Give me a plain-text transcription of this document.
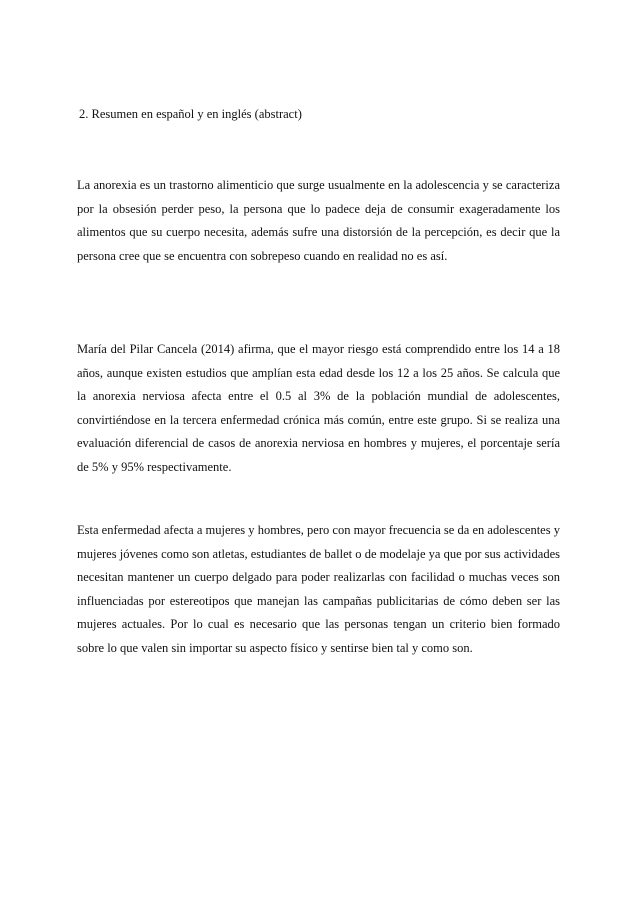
2. Resumen en español y en inglés (abstract)

La anorexia es un trastorno alimenticio que surge usualmente en la adolescencia y se caracteriza por la obsesión perder peso, la persona que lo padece deja de consumir exageradamente los alimentos que su cuerpo necesita, además sufre una distorsión de la percepción, es decir que la persona cree que se encuentra con sobrepeso cuando en realidad no es así.

María del Pilar Cancela (2014) afirma, que el mayor riesgo está comprendido entre los 14 a 18 años, aunque existen estudios que amplían esta edad desde los 12 a los 25 años. Se calcula que la anorexia nerviosa afecta entre el 0.5 al 3% de la población mundial de adolescentes, convirtiéndose en la tercera enfermedad crónica más común, entre este grupo. Si se realiza una evaluación diferencial de casos de anorexia nerviosa en hombres y mujeres, el porcentaje sería de 5% y 95% respectivamente.

Esta enfermedad afecta a mujeres y hombres, pero con mayor frecuencia se da en adolescentes y mujeres jóvenes como son atletas, estudiantes de ballet o de modelaje ya que por sus actividades necesitan mantener un cuerpo delgado para poder realizarlas con facilidad o muchas veces son influenciadas por estereotipos que manejan las campañas publicitarias de cómo deben ser las mujeres actuales. Por lo cual es necesario que las personas tengan un criterio bien formado sobre lo que valen sin importar su aspecto físico y sentirse bien tal y como son.
